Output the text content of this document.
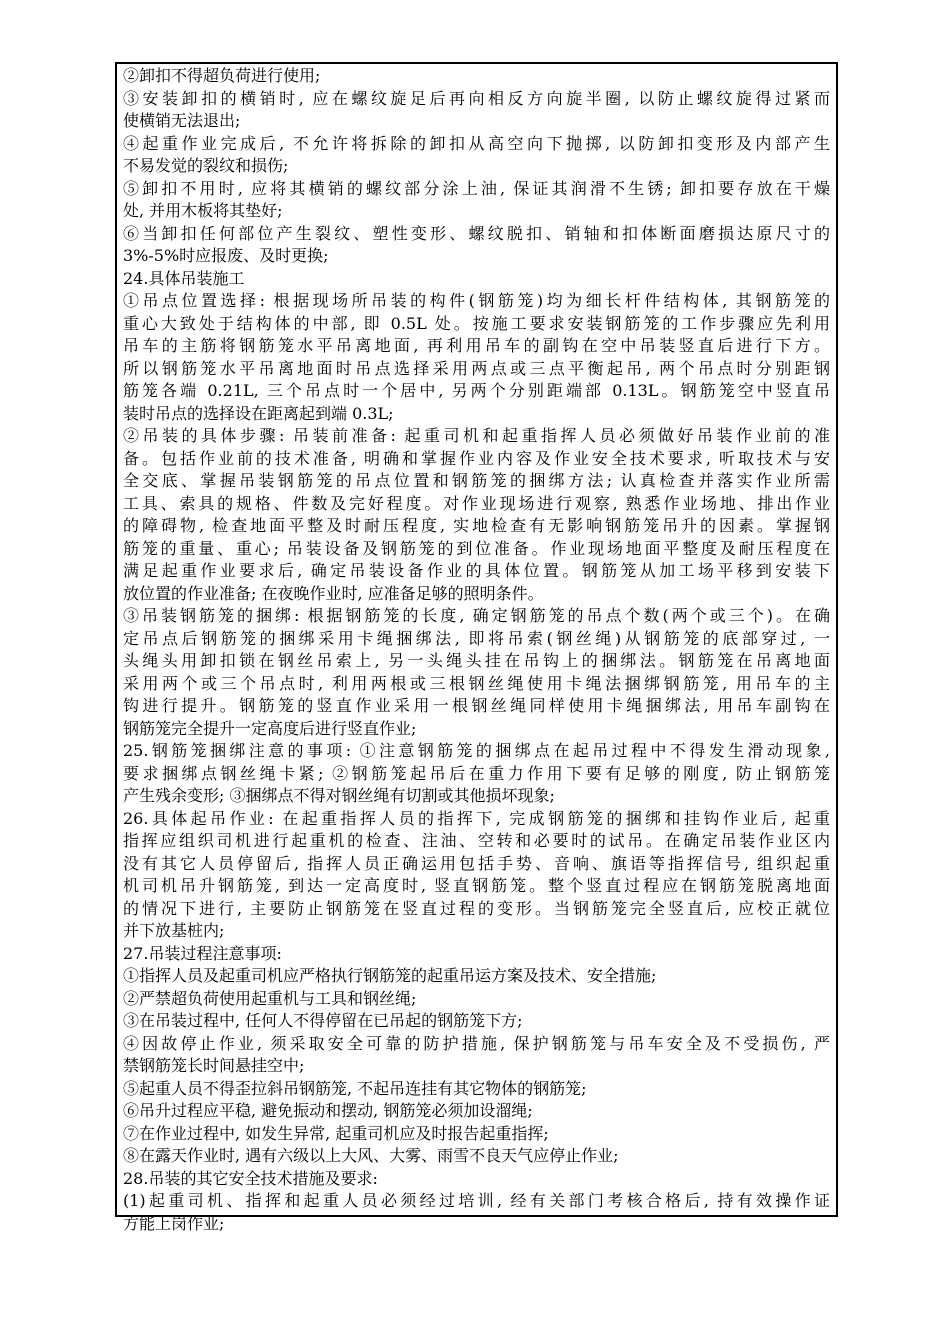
②卸扣不得超负荷进行使用;
③安装卸扣的横销时, 应在螺纹旋足后再向相反方向旋半圈, 以防止螺纹旋得过紧而
使横销无法退出;
④起重作业完成后, 不允许将拆除的卸扣从高空向下抛掷, 以防卸扣变形及内部产生
不易发觉的裂纹和损伤;
⑤卸扣不用时, 应将其横销的螺纹部分涂上油, 保证其润滑不生锈; 卸扣要存放在干燥
处, 并用木板将其垫好;
⑥当卸扣任何部位产生裂纹、塑性变形、螺纹脱扣、销轴和扣体断面磨损达原尺寸的
3%-5%时应报废、及时更换;
24.具体吊装施工
①吊点位置选择: 根据现场所吊装的构件(钢筋笼)均为细长杆件结构体, 其钢筋笼的
重心大致处于结构体的中部, 即 0.5L 处。按施工要求安装钢筋笼的工作步骤应先利用
吊车的主筋将钢筋笼水平吊离地面, 再利用吊车的副钩在空中吊装竖直后进行下方。
所以钢筋笼水平吊离地面时吊点选择采用两点或三点平衡起吊, 两个吊点时分别距钢
筋笼各端 0.21L, 三个吊点时一个居中, 另两个分别距端部 0.13L。钢筋笼空中竖直吊
装时吊点的选择设在距离起到端 0.3L;
②吊装的具体步骤: 吊装前准备: 起重司机和起重指挥人员必须做好吊装作业前的准
备。包括作业前的技术准备, 明确和掌握作业内容及作业安全技术要求, 听取技术与安
全交底、掌握吊装钢筋笼的吊点位置和钢筋笼的捆绑方法; 认真检查并落实作业所需
工具、索具的规格、件数及完好程度。对作业现场进行观察, 熟悉作业场地、排出作业
的障碍物, 检查地面平整及时耐压程度, 实地检查有无影响钢筋笼吊升的因素。掌握钢
筋笼的重量、重心; 吊装设备及钢筋笼的到位准备。作业现场地面平整度及耐压程度在
满足起重作业要求后, 确定吊装设备作业的具体位置。钢筋笼从加工场平移到安装下
放位置的作业准备; 在夜晚作业时, 应准备足够的照明条件。
③吊装钢筋笼的捆绑: 根据钢筋笼的长度, 确定钢筋笼的吊点个数(两个或三个)。在确
定吊点后钢筋笼的捆绑采用卡绳捆绑法, 即将吊索(钢丝绳)从钢筋笼的底部穿过, 一
头绳头用卸扣锁在钢丝吊索上, 另一头绳头挂在吊钩上的捆绑法。钢筋笼在吊离地面
采用两个或三个吊点时, 利用两根或三根钢丝绳使用卡绳法捆绑钢筋笼, 用吊车的主
钩进行提升。钢筋笼的竖直作业采用一根钢丝绳同样使用卡绳捆绑法, 用吊车副钩在
钢筋笼完全提升一定高度后进行竖直作业;
25.钢筋笼捆绑注意的事项: ①注意钢筋笼的捆绑点在起吊过程中不得发生滑动现象,
要求捆绑点钢丝绳卡紧; ②钢筋笼起吊后在重力作用下要有足够的刚度, 防止钢筋笼
产生残余变形; ③捆绑点不得对钢丝绳有切割或其他损坏现象;
26.具体起吊作业: 在起重指挥人员的指挥下, 完成钢筋笼的捆绑和挂钩作业后, 起重
指挥应组织司机进行起重机的检查、注油、空转和必要时的试吊。在确定吊装作业区内
没有其它人员停留后, 指挥人员正确运用包括手势、音响、旗语等指挥信号, 组织起重
机司机吊升钢筋笼, 到达一定高度时, 竖直钢筋笼。整个竖直过程应在钢筋笼脱离地面
的情况下进行, 主要防止钢筋笼在竖直过程的变形。当钢筋笼完全竖直后, 应校正就位
并下放基桩内;
27.吊装过程注意事项:
①指挥人员及起重司机应严格执行钢筋笼的起重吊运方案及技术、安全措施;
②严禁超负荷使用起重机与工具和钢丝绳;
③在吊装过程中, 任何人不得停留在已吊起的钢筋笼下方;
④因故停止作业, 须采取安全可靠的防护措施, 保护钢筋笼与吊车安全及不受损伤, 严
禁钢筋笼长时间悬挂空中;
⑤起重人员不得歪拉斜吊钢筋笼, 不起吊连挂有其它物体的钢筋笼;
⑥吊升过程应平稳, 避免振动和摆动, 钢筋笼必须加设溜绳;
⑦在作业过程中, 如发生异常, 起重司机应及时报告起重指挥;
⑧在露天作业时, 遇有六级以上大风、大雾、雨雪不良天气应停止作业;
28.吊装的其它安全技术措施及要求:
(1)起重司机、指挥和起重人员必须经过培训, 经有关部门考核合格后, 持有效操作证
方能上岗作业;
